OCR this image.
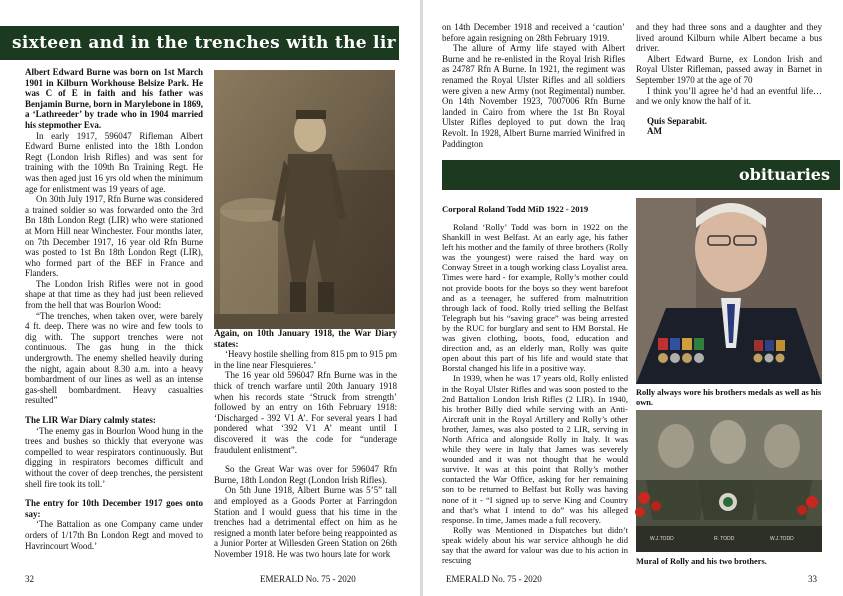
sixteen and in the trenches with the lir

Albert Edward Burne was born on 1st March 1901 in Kilburn Workhouse Belsize Park. He was C of E in faith and his father was Benjamin Burne, born in Marylebone in 1869, a ‘Lathreeder’ by trade who in 1904 married his stepmother Eva.

In early 1917, 596047 Rifleman Albert Edward Burne enlisted into the 18th London Regt (London Irish Rifles) and was sent for training with the 109th Bn Training Regt. He was then aged just 16 yrs old when the minimum age for enlistment was 19 years of age.

On 30th July 1917, Rfn Burne was considered a trained soldier so was forwarded onto the 3rd Bn 18th London Regt (LIR) who were stationed at Morn Hill near Winchester. Four months later, on 7th December 1917, 16 year old Rfn Burne was posted to 1st Bn 18th London Regt (LIR), who formed part of the BEF in France and Flanders.

The London Irish Rifles were not in good shape at that time as they had just been relieved from the hell that was Bourlon Wood:

“The trenches, when taken over, were barely 4 ft. deep. There was no wire and few tools to dig with. The support trenches were not continuous. The gas hung in the thick undergrowth. The enemy shelled heavily during the night, again about 8.30 a.m. into a heavy bombardment of our lines as well as an intense gas-shell bombardment. Heavy casualties resulted”

The LIR War Diary calmly states:

‘The enemy gas in Bourlon Wood hung in the trees and bushes so thickly that everyone was compelled to wear respirators continuously. But digging in respirators becomes difficult and without the cover of deep trenches, the persistent shell fire took its toll.’

The entry for 10th December 1917 goes onto say:

‘The Battalion as one Company came under orders of 1/17th Bn London Regt and moved to Havrincourt Wood.’

Again, on 10th January 1918, the War Diary states:

‘Heavy hostile shelling from 815 pm to 915 pm in the line near Flesquieres.’

The 16 year old 596047 Rfn Burne was in the thick of trench warfare until 20th January 1918 when his records state ‘Struck from strength’ followed by an entry on 16th February 1918: ‘Discharged - 392 V1 A’. For several years I had pondered what ‘392 V1 A’ meant until I discovered it was the code for “underage fraudulent enlistment”.

So the Great War was over for 596047 Rfn Burne, 18th London Regt (London Irish Rifles).

On 5th June 1918, Albert Burne was 5’5” tall and employed as a Goods Porter at Farringdon Station and I would guess that his time in the trenches had a detrimental effect on him as he resigned a month later before being reappointed as a Junior Porter at Willesden Green Station on 26th November 1918. He was two hours late for work

32	EMERALD No. 75 - 2020

on 14th December 1918 and received a ‘caution’ before again resigning on 28th February 1919.

The allure of Army life stayed with Albert Burne and he re-enlisted in the Royal Irish Rifles as 24787 Rfn A Burne. In 1921, the regiment was renamed the Royal Ulster Rifles and all soldiers were given a new Army (not Regimental) number. On 14th November 1923, 7007006 Rfn Burne landed in Cairo from where the 1st Bn Royal Ulster Rifles deployed to put down the Iraq Revolt. In 1928, Albert Burne married Winifred in Paddington

and they had three sons and a daughter and they lived around Kilburn while Albert became a bus driver.

Albert Edward Burne, ex London Irish and Royal Ulster Rifleman, passed away in Barnet in September 1970 at the age of 70

I think you’ll agree he’d had an eventful life… and we only know the half of it.

Quis Separabit.

AM

obituaries
Corporal Roland Todd MiD 1922 - 2019

Roland ‘Rolly’ Todd was born in 1922 on the Shankill in west Belfast. At an early age, his father left his mother and the family of three brothers (Rolly was the youngest) were raised the hard way on Conway Street in a tough working class Loyalist area. Times were hard - for example, Rolly’s mother could not provide boots for the boys so they went barefoot and as a teenager, he suffered from malnutrition through lack of food. Rolly tried selling the Belfast Telegraph but his “saving grace” was being arrested by the RUC for burglary and sent to HM Borstal. He was given clothing, boots, food, education and direction and, as an elderly man, Rolly was quite open about this part of his life and would state that Borstal changed his life in a positive way.

In 1939, when he was 17 years old, Rolly enlisted in the Royal Ulster Rifles and was soon posted to the 2nd Battalion London Irish Rifles (2 LIR). In 1940, his brother Billy died while serving with an Anti-Aircraft unit in the Royal Artillery and Rolly’s other brother, James, was also posted to 2 LIR, serving in North Africa and alongside Rolly in Italy. It was while they were in Italy that James was severely wounded and it was not thought that he would survive. It was at this point that Rolly’s mother contacted the War Office, asking for her remaining son to be returned to Belfast but Rolly was having none of it - “I signed up to serve King and Country and that’s what I intend to do” was his alleged response. In time, James made a full recovery.

Rolly was Mentioned in Dispatches but didn’t speak widely about his war service although he did say that the award for valour was due to his action in rescuing

Rolly always wore his brothers medals as well as his own.
Mural of Rolly and his two brothers.
EMERALD No. 75 - 2020	33
W.J.TODD	R. TODD	W.J.TODD
